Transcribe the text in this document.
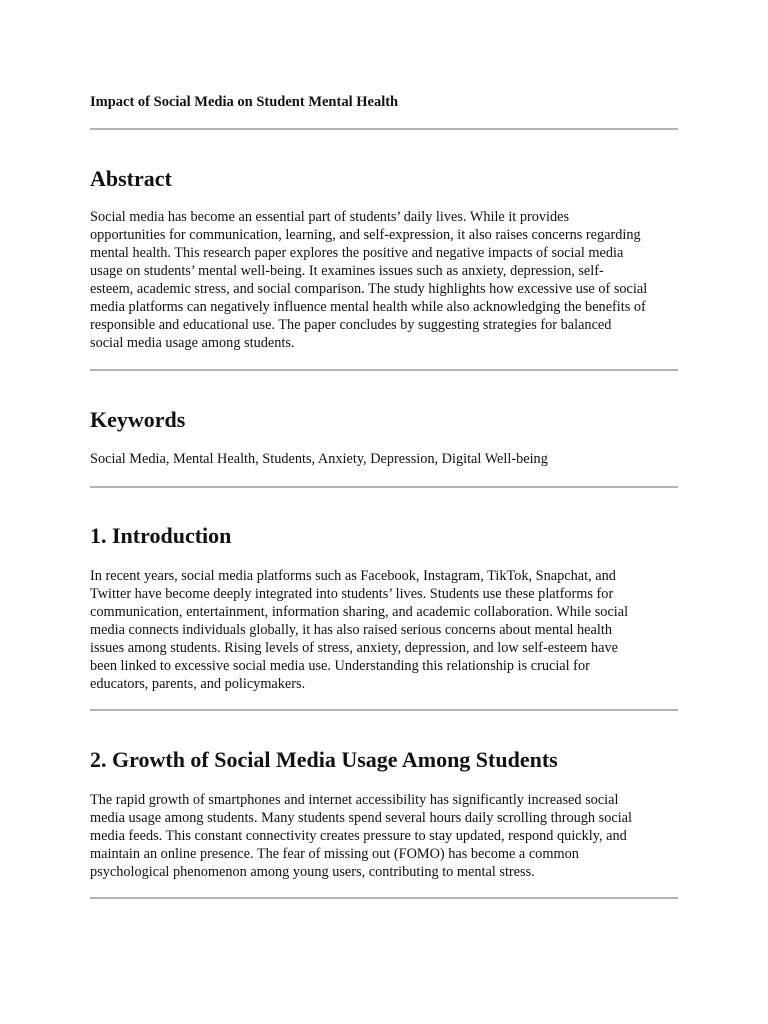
Impact of Social Media on Student Mental Health
Abstract
Social media has become an essential part of students’ daily lives. While it provides
opportunities for communication, learning, and self-expression, it also raises concerns regarding
mental health. This research paper explores the positive and negative impacts of social media
usage on students’ mental well-being. It examines issues such as anxiety, depression, self-
esteem, academic stress, and social comparison. The study highlights how excessive use of social
media platforms can negatively influence mental health while also acknowledging the benefits of
responsible and educational use. The paper concludes by suggesting strategies for balanced
social media usage among students.
Keywords
Social Media, Mental Health, Students, Anxiety, Depression, Digital Well-being
1. Introduction
In recent years, social media platforms such as Facebook, Instagram, TikTok, Snapchat, and
Twitter have become deeply integrated into students’ lives. Students use these platforms for
communication, entertainment, information sharing, and academic collaboration. While social
media connects individuals globally, it has also raised serious concerns about mental health
issues among students. Rising levels of stress, anxiety, depression, and low self-esteem have
been linked to excessive social media use. Understanding this relationship is crucial for
educators, parents, and policymakers.
2. Growth of Social Media Usage Among Students
The rapid growth of smartphones and internet accessibility has significantly increased social
media usage among students. Many students spend several hours daily scrolling through social
media feeds. This constant connectivity creates pressure to stay updated, respond quickly, and
maintain an online presence. The fear of missing out (FOMO) has become a common
psychological phenomenon among young users, contributing to mental stress.
